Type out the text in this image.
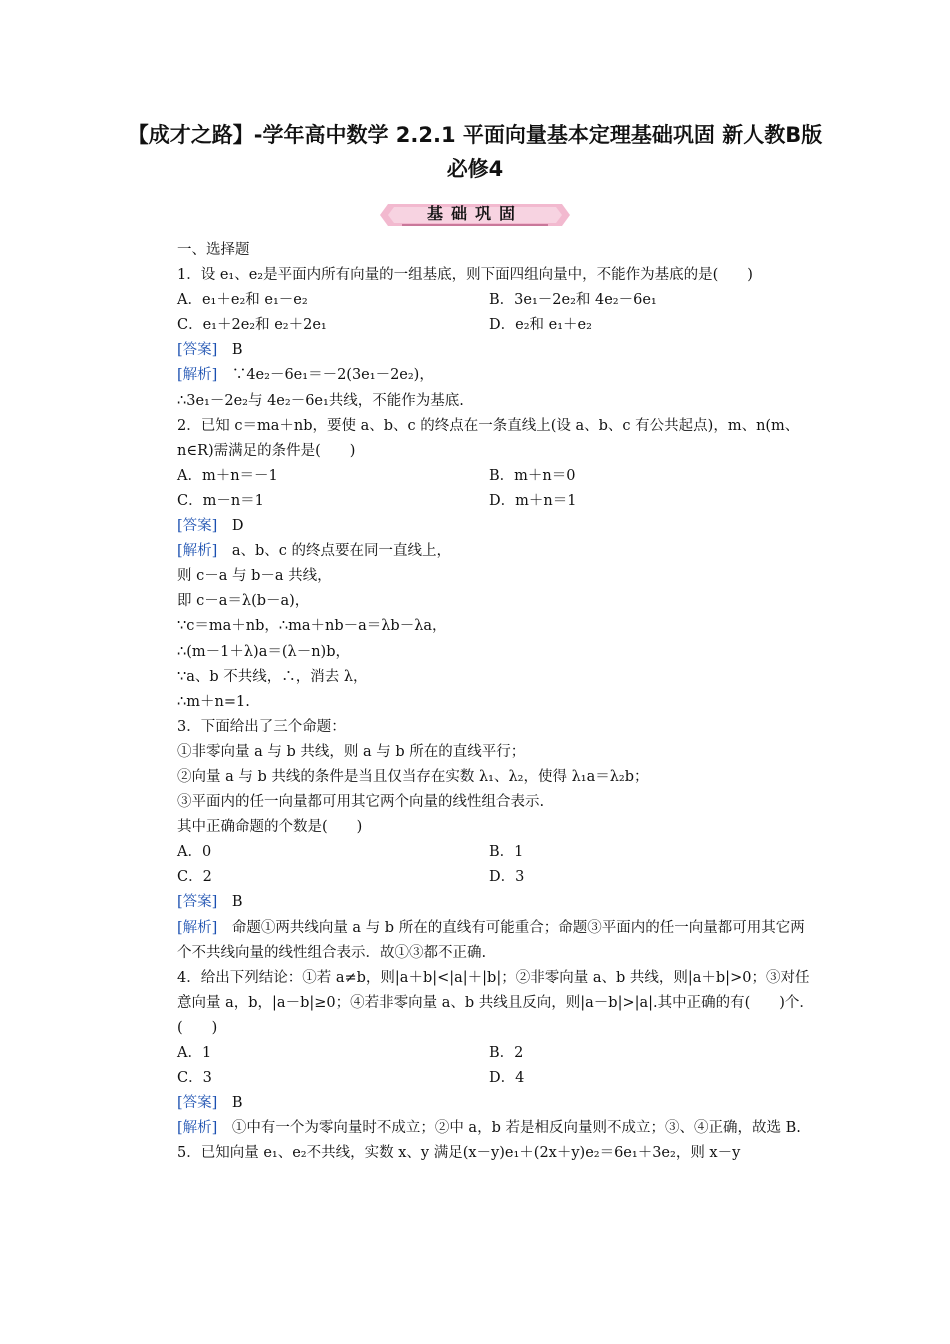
【成才之路】-学年高中数学 2.2.1 平面向量基本定理基础巩固 新人教B版必修4
基础巩固
一、选择题
1．设 e₁、e₂是平面内所有向量的一组基底，则下面四组向量中，不能作为基底的是(　　)
A．e₁＋e₂和 e₁－e₂	B．3e₁－2e₂和 4e₂－6e₁
C．e₁＋2e₂和 e₂＋2e₁	D．e₂和 e₁＋e₂
[答案]　B
[解析]　∵4e₂－6e₁＝－2(3e₁－2e₂)，
∴3e₁－2e₂与 4e₂－6e₁共线，不能作为基底.
2．已知 c＝ma＋nb，要使 a、b、c 的终点在一条直线上(设 a、b、c 有公共起点)，m、n(m、n∈R)需满足的条件是(　　)
A．m＋n＝－1	B．m＋n＝0
C．m－n＝1	D．m＋n＝1
[答案]　D
[解析]　a、b、c 的终点要在同一直线上，
则 c－a 与 b－a 共线，
即 c－a＝λ(b－a)，
∵c＝ma＋nb，∴ma＋nb－a＝λb－λa，
∴(m－1＋λ)a＝(λ－n)b，
∵a、b 不共线，∴，消去 λ，
∴m＋n=1.
3．下面给出了三个命题：
①非零向量 a 与 b 共线，则 a 与 b 所在的直线平行；
②向量 a 与 b 共线的条件是当且仅当存在实数 λ₁、λ₂，使得 λ₁a＝λ₂b；
③平面内的任一向量都可用其它两个向量的线性组合表示.
其中正确命题的个数是(　　)
A．0	B．1
C．2	D．3
[答案]　B
[解析]　命题①两共线向量 a 与 b 所在的直线有可能重合；命题③平面内的任一向量都可用其它两个不共线向量的线性组合表示．故①③都不正确.
4．给出下列结论：①若 a≠b，则|a＋b|<|a|＋|b|；②非零向量 a、b 共线，则|a＋b|>0；③对任意向量 a，b，|a－b|≥0；④若非零向量 a、b 共线且反向，则|a－b|>|a|.其中正确的有(　　)个．(　　)
A．1	B．2
C．3	D．4
[答案]　B
[解析]　①中有一个为零向量时不成立；②中 a，b 若是相反向量则不成立；③、④正确，故选 B.
5．已知向量 e₁、e₂不共线，实数 x、y 满足(x－y)e₁＋(2x＋y)e₂＝6e₁＋3e₂，则 x－y
